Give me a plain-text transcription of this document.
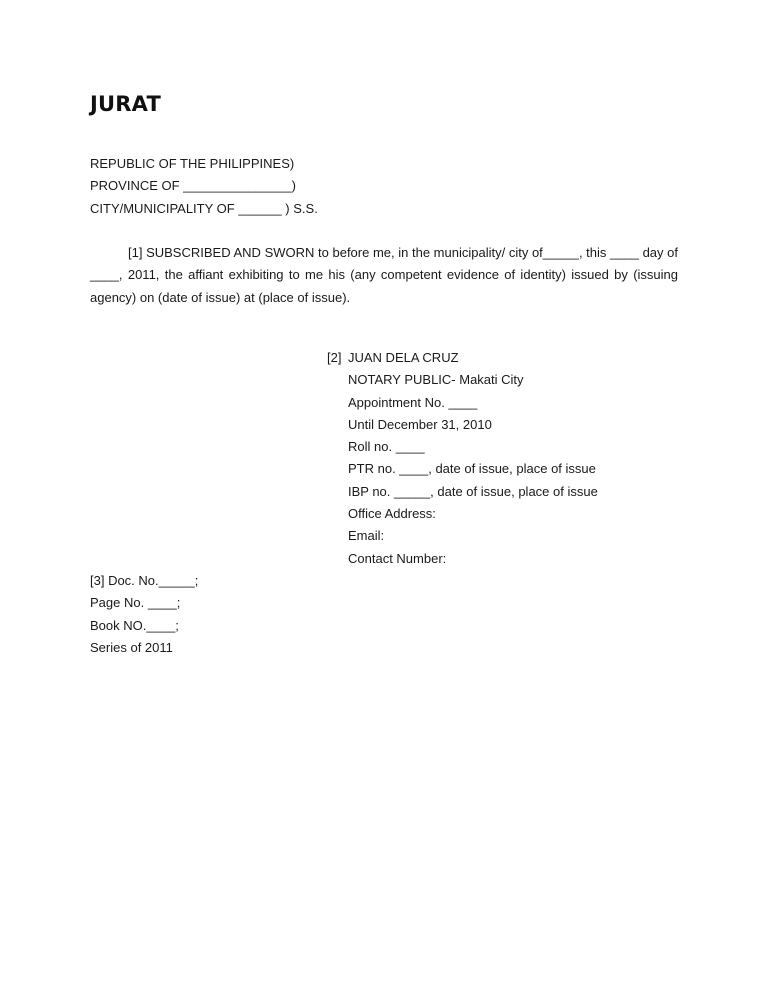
JURAT
REPUBLIC OF THE PHILIPPINES)
PROVINCE OF _______________)
CITY/MUNICIPALITY OF ______ ) S.S.

[1] SUBSCRIBED AND SWORN to before me, in the municipality/ city of_____, this ____ day of ____, 2011, the affiant exhibiting to me his (any competent evidence of identity) issued by (issuing agency) on (date of issue) at (place of issue).

[2] JUAN DELA CRUZ
NOTARY PUBLIC- Makati City
Appointment No. ____
Until December 31, 2010
Roll no. ____
PTR no. ____, date of issue, place of issue
IBP no. _____, date of issue, place of issue
Office Address:
Email:
Contact Number:
[3] Doc. No._____;
Page No. ____;
Book NO.____;
Series of 2011
